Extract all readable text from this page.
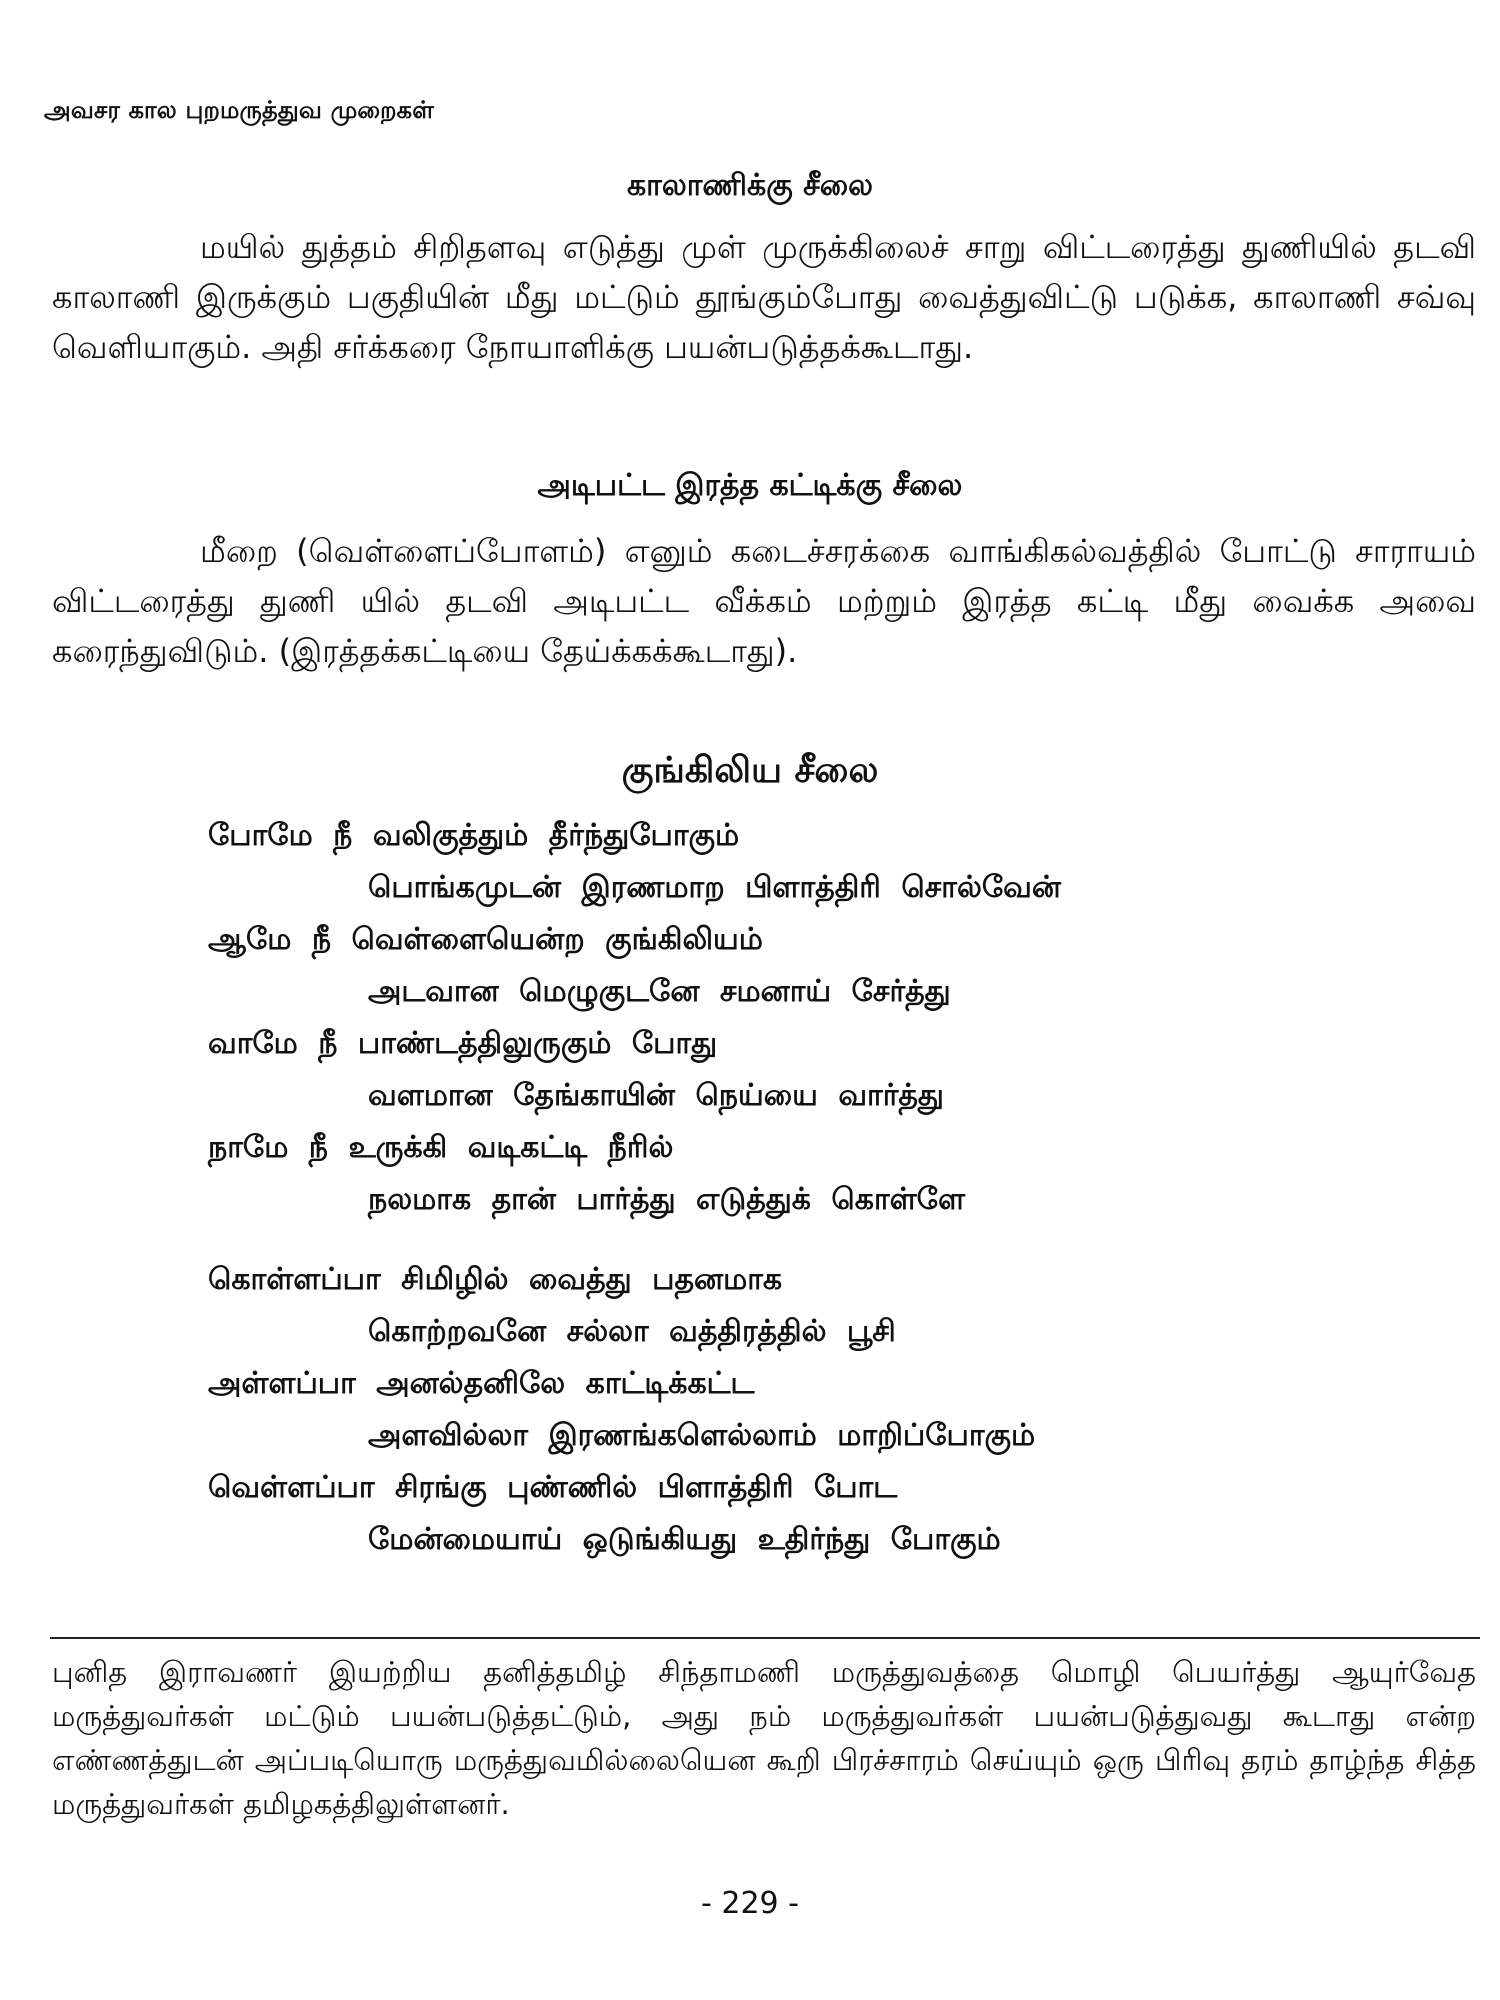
அவசர கால புறமருத்துவ முறைகள்
காலாணிக்கு சீலை

மயில் துத்தம் சிறிதளவு எடுத்து முள் முருக்கிலைச் சாறு விட்டரைத்து துணியில் தடவி காலாணி இருக்கும் பகுதியின் மீது மட்டும் தூங்கும்போது வைத்துவிட்டு படுக்க, காலாணி சவ்வு வெளியாகும். அதி சர்க்கரை நோயாளிக்கு பயன்படுத்தக்கூடாது.

அடிபட்ட இரத்த கட்டிக்கு சீலை

மீறை (வெள்ளைப்போளம்) எனும் கடைச்சரக்கை வாங்கிகல்வத்தில் போட்டு சாராயம் விட்டரைத்து துணி யில் தடவி அடிபட்ட வீக்கம் மற்றும் இரத்த கட்டி மீது வைக்க அவை கரைந்துவிடும். (இரத்தக்கட்டியை தேய்க்கக்கூடாது).

குங்கிலிய சீலை
போமே நீ வலிகுத்தும் தீர்ந்துபோகும்
பொங்கமுடன் இரணமாற பிளாத்திரி சொல்வேன்
ஆமே நீ வெள்ளையென்ற குங்கிலியம்
அடவான மெழுகுடனே சமனாய் சேர்த்து
வாமே நீ பாண்டத்திலுருகும் போது
வளமான தேங்காயின் நெய்யை வார்த்து
நாமே நீ உருக்கி வடிகட்டி நீரில்
நலமாக தான் பார்த்து எடுத்துக் கொள்ளே
கொள்ளப்பா சிமிழில் வைத்து பதனமாக
கொற்றவனே சல்லா வத்திரத்தில் பூசி
அள்ளப்பா அனல்தனிலே காட்டிக்கட்ட
அளவில்லா இரணங்களெல்லாம் மாறிப்போகும்
வெள்ளப்பா சிரங்கு புண்ணில் பிளாத்திரி போட
மேன்மையாய் ஒடுங்கியது உதிர்ந்து போகும்

புனித இராவணர் இயற்றிய தனித்தமிழ் சிந்தாமணி மருத்துவத்தை மொழி பெயர்த்து ஆயுர்வேத மருத்துவர்கள் மட்டும் பயன்படுத்தட்டும், அது நம் மருத்துவர்கள் பயன்படுத்துவது கூடாது என்ற எண்ணத்துடன் அப்படியொரு மருத்துவமில்லையென கூறி பிரச்சாரம் செய்யும் ஒரு பிரிவு தரம் தாழ்ந்த சித்த மருத்துவர்கள் தமிழகத்திலுள்ளனர்.

- 229 -
